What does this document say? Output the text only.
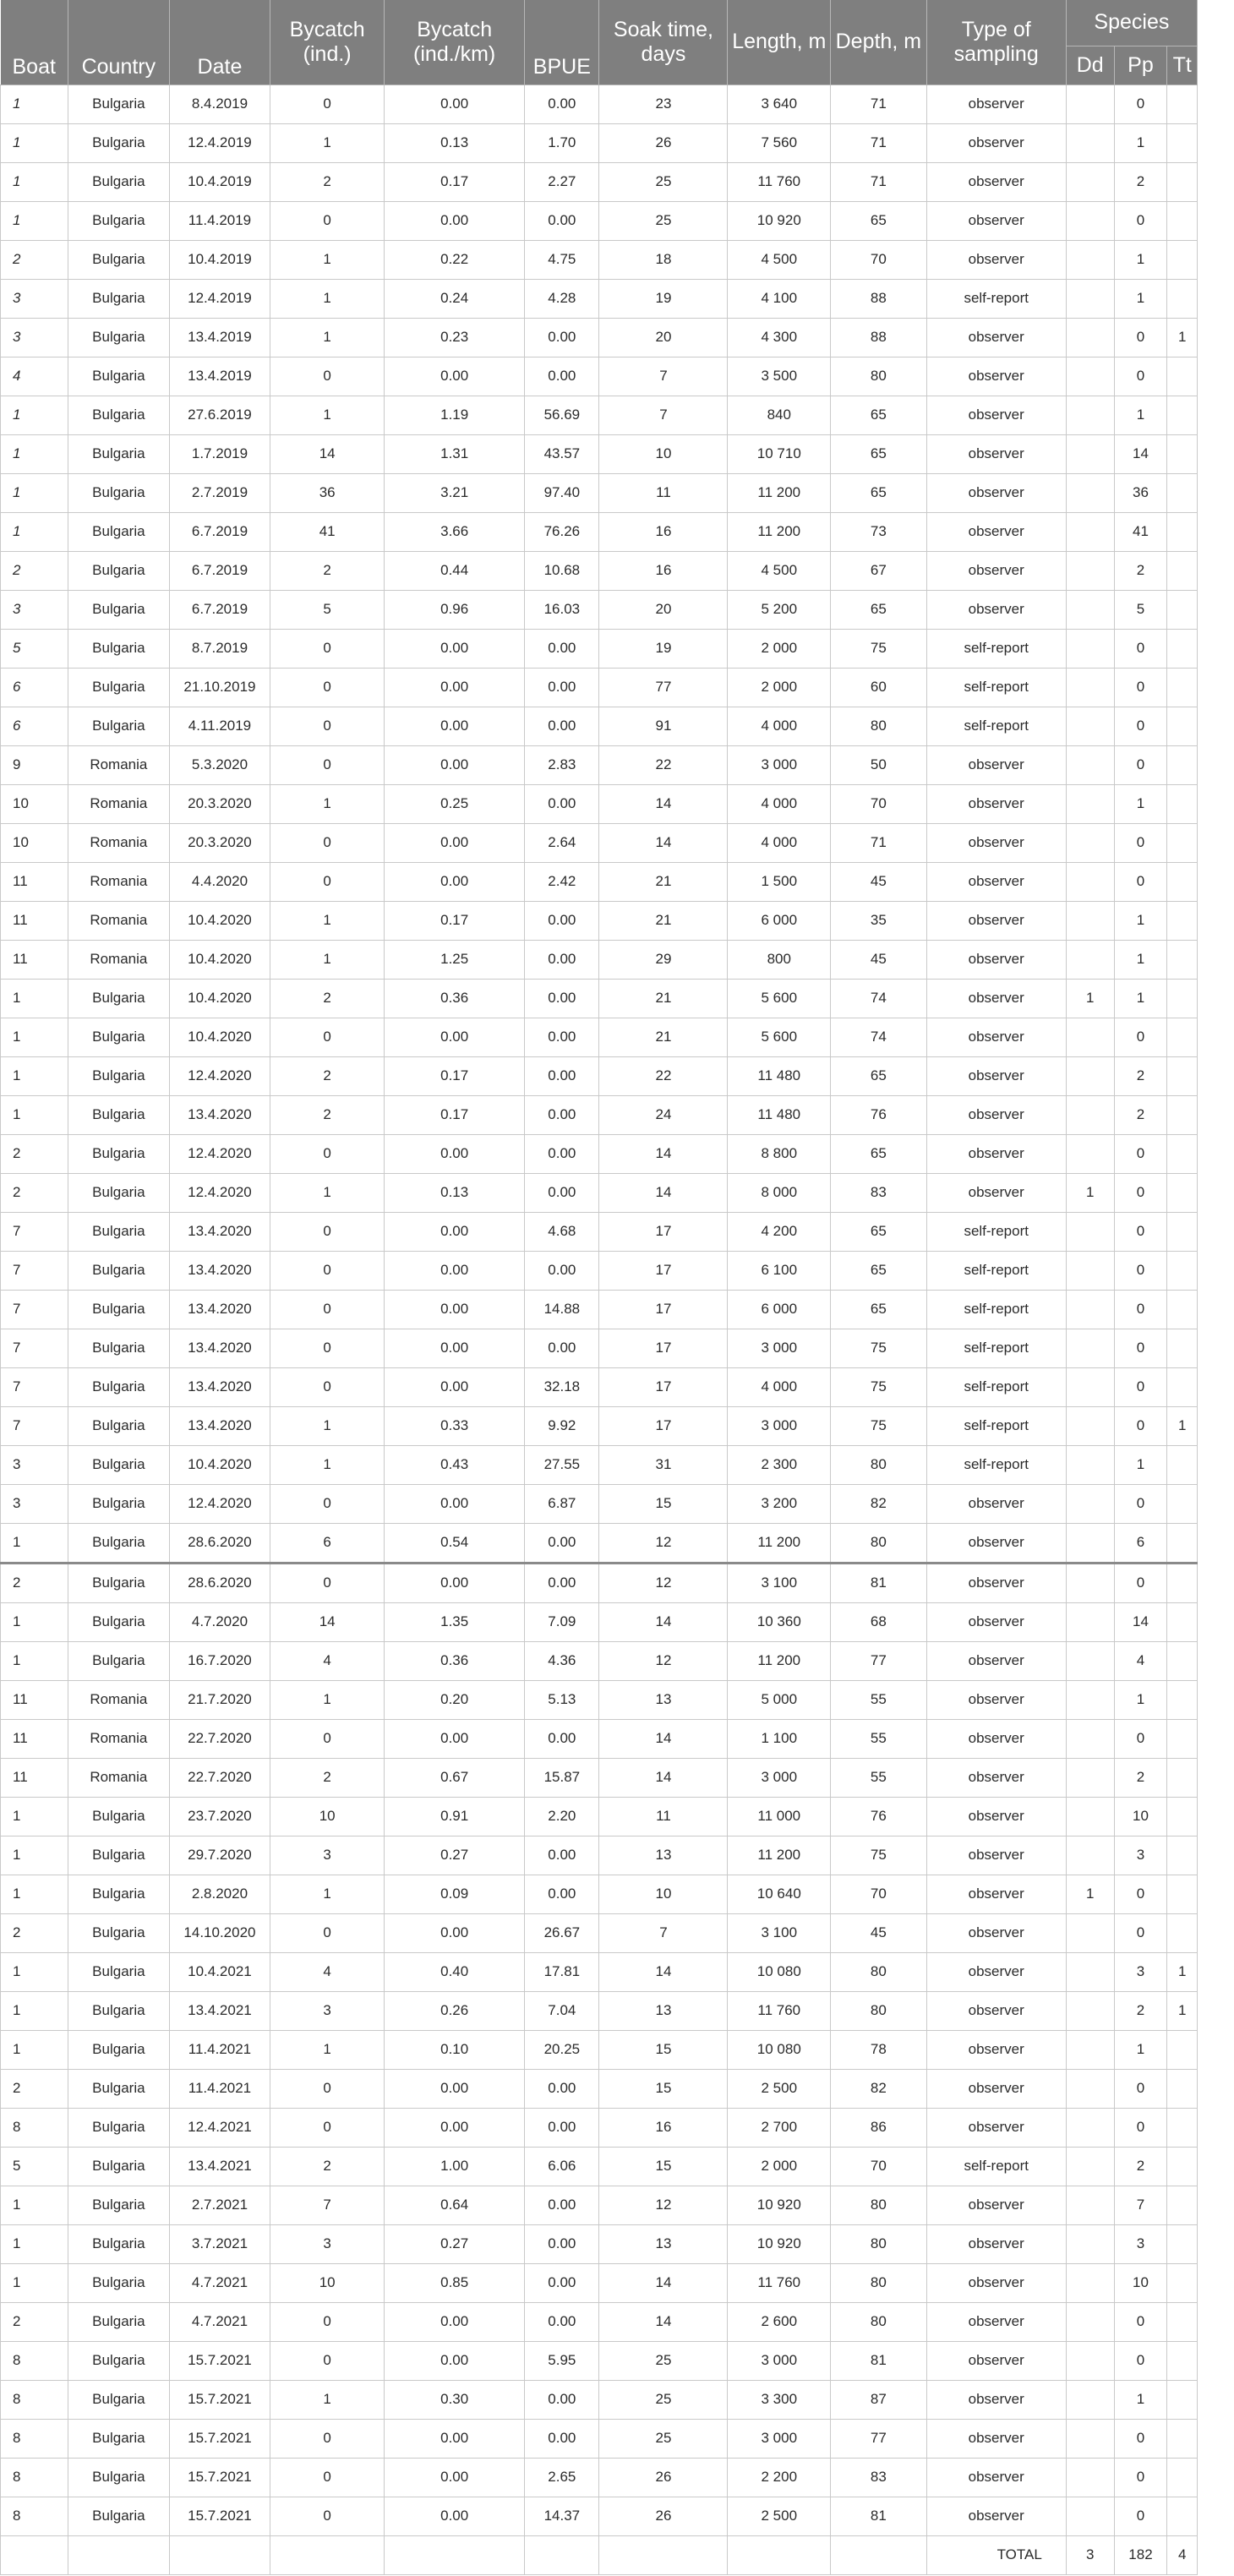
Boat	Country	Date	Bycatch (ind.)	Bycatch (ind./km)	BPUE	Soak time, days	Length, m	Depth, m	Type of sampling	Species		
										Dd	Pp	Tt
1	Bulgaria	8.4.2019	0	0.00	0.00	23	3 640	71	observer		0	
1	Bulgaria	12.4.2019	1	0.13	1.70	26	7 560	71	observer		1	
1	Bulgaria	10.4.2019	2	0.17	2.27	25	11 760	71	observer		2	
1	Bulgaria	11.4.2019	0	0.00	0.00	25	10 920	65	observer		0	
2	Bulgaria	10.4.2019	1	0.22	4.75	18	4 500	70	observer		1	
3	Bulgaria	12.4.2019	1	0.24	4.28	19	4 100	88	self-report		1	
3	Bulgaria	13.4.2019	1	0.23	0.00	20	4 300	88	observer		0	1
4	Bulgaria	13.4.2019	0	0.00	0.00	7	3 500	80	observer		0	
1	Bulgaria	27.6.2019	1	1.19	56.69	7	840	65	observer		1	
1	Bulgaria	1.7.2019	14	1.31	43.57	10	10 710	65	observer		14	
1	Bulgaria	2.7.2019	36	3.21	97.40	11	11 200	65	observer		36	
1	Bulgaria	6.7.2019	41	3.66	76.26	16	11 200	73	observer		41	
2	Bulgaria	6.7.2019	2	0.44	10.68	16	4 500	67	observer		2	
3	Bulgaria	6.7.2019	5	0.96	16.03	20	5 200	65	observer		5	
5	Bulgaria	8.7.2019	0	0.00	0.00	19	2 000	75	self-report		0	
6	Bulgaria	21.10.2019	0	0.00	0.00	77	2 000	60	self-report		0	
6	Bulgaria	4.11.2019	0	0.00	0.00	91	4 000	80	self-report		0	
9	Romania	5.3.2020	0	0.00	2.83	22	3 000	50	observer		0	
10	Romania	20.3.2020	1	0.25	0.00	14	4 000	70	observer		1	
10	Romania	20.3.2020	0	0.00	2.64	14	4 000	71	observer		0	
11	Romania	4.4.2020	0	0.00	2.42	21	1 500	45	observer		0	
11	Romania	10.4.2020	1	0.17	0.00	21	6 000	35	observer		1	
11	Romania	10.4.2020	1	1.25	0.00	29	800	45	observer		1	
1	Bulgaria	10.4.2020	2	0.36	0.00	21	5 600	74	observer	1	1	
1	Bulgaria	10.4.2020	0	0.00	0.00	21	5 600	74	observer		0	
1	Bulgaria	12.4.2020	2	0.17	0.00	22	11 480	65	observer		2	
1	Bulgaria	13.4.2020	2	0.17	0.00	24	11 480	76	observer		2	
2	Bulgaria	12.4.2020	0	0.00	0.00	14	8 800	65	observer		0	
2	Bulgaria	12.4.2020	1	0.13	0.00	14	8 000	83	observer	1	0	
7	Bulgaria	13.4.2020	0	0.00	4.68	17	4 200	65	self-report		0	
7	Bulgaria	13.4.2020	0	0.00	0.00	17	6 100	65	self-report		0	
7	Bulgaria	13.4.2020	0	0.00	14.88	17	6 000	65	self-report		0	
7	Bulgaria	13.4.2020	0	0.00	0.00	17	3 000	75	self-report		0	
7	Bulgaria	13.4.2020	0	0.00	32.18	17	4 000	75	self-report		0	
7	Bulgaria	13.4.2020	1	0.33	9.92	17	3 000	75	self-report		0	1
3	Bulgaria	10.4.2020	1	0.43	27.55	31	2 300	80	self-report		1	
3	Bulgaria	12.4.2020	0	0.00	6.87	15	3 200	82	observer		0	
1	Bulgaria	28.6.2020	6	0.54	0.00	12	11 200	80	observer		6	
2	Bulgaria	28.6.2020	0	0.00	0.00	12	3 100	81	observer		0	
1	Bulgaria	4.7.2020	14	1.35	7.09	14	10 360	68	observer		14	
1	Bulgaria	16.7.2020	4	0.36	4.36	12	11 200	77	observer		4	
11	Romania	21.7.2020	1	0.20	5.13	13	5 000	55	observer		1	
11	Romania	22.7.2020	0	0.00	0.00	14	1 100	55	observer		0	
11	Romania	22.7.2020	2	0.67	15.87	14	3 000	55	observer		2	
1	Bulgaria	23.7.2020	10	0.91	2.20	11	11 000	76	observer		10	
1	Bulgaria	29.7.2020	3	0.27	0.00	13	11 200	75	observer		3	
1	Bulgaria	2.8.2020	1	0.09	0.00	10	10 640	70	observer	1	0	
2	Bulgaria	14.10.2020	0	0.00	26.67	7	3 100	45	observer		0	
1	Bulgaria	10.4.2021	4	0.40	17.81	14	10 080	80	observer		3	1
1	Bulgaria	13.4.2021	3	0.26	7.04	13	11 760	80	observer		2	1
1	Bulgaria	11.4.2021	1	0.10	20.25	15	10 080	78	observer		1	
2	Bulgaria	11.4.2021	0	0.00	0.00	15	2 500	82	observer		0	
8	Bulgaria	12.4.2021	0	0.00	0.00	16	2 700	86	observer		0	
5	Bulgaria	13.4.2021	2	1.00	6.06	15	2 000	70	self-report		2	
1	Bulgaria	2.7.2021	7	0.64	0.00	12	10 920	80	observer		7	
1	Bulgaria	3.7.2021	3	0.27	0.00	13	10 920	80	observer		3	
1	Bulgaria	4.7.2021	10	0.85	0.00	14	11 760	80	observer		10	
2	Bulgaria	4.7.2021	0	0.00	0.00	14	2 600	80	observer		0	
8	Bulgaria	15.7.2021	0	0.00	5.95	25	3 000	81	observer		0	
8	Bulgaria	15.7.2021	1	0.30	0.00	25	3 300	87	observer		1	
8	Bulgaria	15.7.2021	0	0.00	0.00	25	3 000	77	observer		0	
8	Bulgaria	15.7.2021	0	0.00	2.65	26	2 200	83	observer		0	
8	Bulgaria	15.7.2021	0	0.00	14.37	26	2 500	81	observer		0	
									TOTAL	3	182	4
